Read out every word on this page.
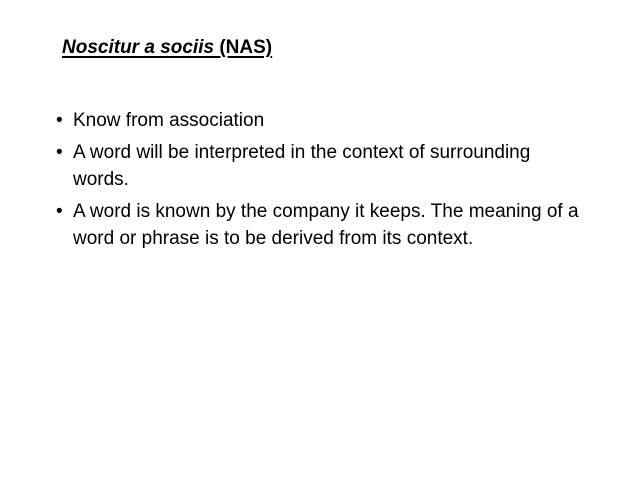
Noscitur a sociis (NAS)
• Know from association
• A word will be interpreted in the context of surrounding words.
• A word is known by the company it keeps. The meaning of a word or phrase is to be derived from its context.
